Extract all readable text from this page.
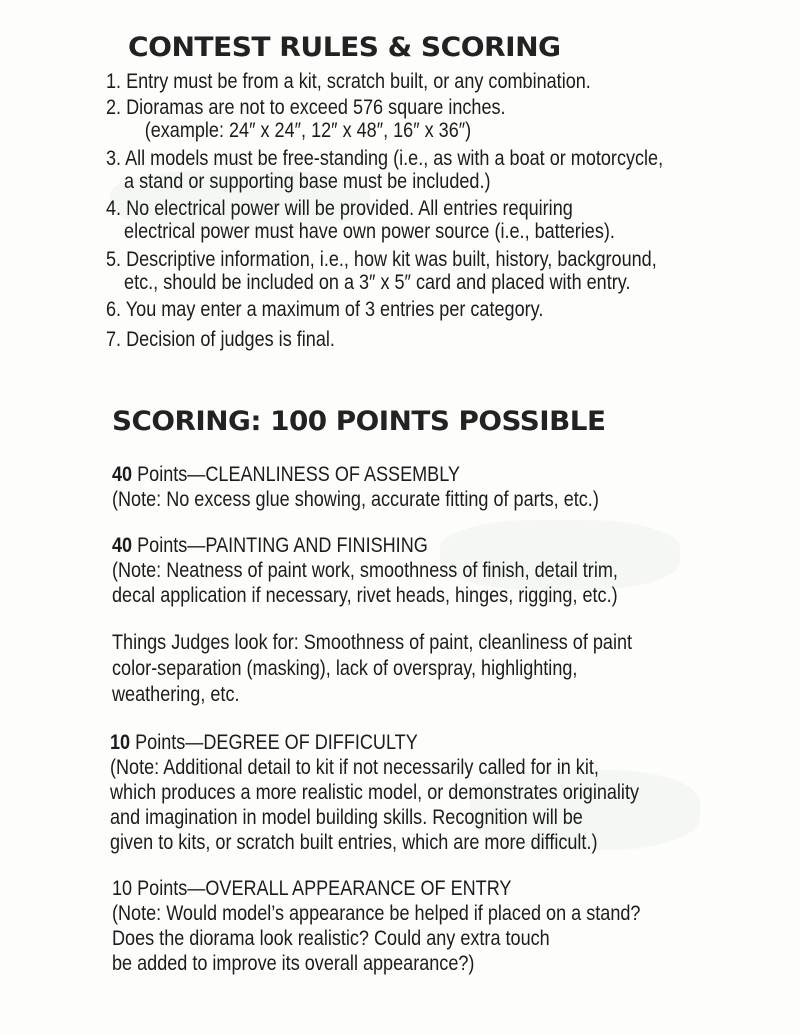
CONTEST RULES & SCORING
1. Entry must be from a kit, scratch built, or any combination.
2. Dioramas are not to exceed 576 square inches.
(example: 24″ x 24″, 12″ x 48″, 16″ x 36″)
3. All models must be free-standing (i.e., as with a boat or motorcycle,
a stand or supporting base must be included.)
4. No electrical power will be provided. All entries requiring
electrical power must have own power source (i.e., batteries).
5. Descriptive information, i.e., how kit was built, history, background,
etc., should be included on a 3″ x 5″ card and placed with entry.
6. You may enter a maximum of 3 entries per category.
7. Decision of judges is final.
SCORING: 100 POINTS POSSIBLE
40 Points—CLEANLINESS OF ASSEMBLY
(Note: No excess glue showing, accurate fitting of parts, etc.)
40 Points—PAINTING AND FINISHING
(Note: Neatness of paint work, smoothness of finish, detail trim,
decal application if necessary, rivet heads, hinges, rigging, etc.)
Things Judges look for: Smoothness of paint, cleanliness of paint
color-separation (masking), lack of overspray, highlighting,
weathering, etc.
10 Points—DEGREE OF DIFFICULTY
(Note: Additional detail to kit if not necessarily called for in kit,
which produces a more realistic model, or demonstrates originality
and imagination in model building skills. Recognition will be
given to kits, or scratch built entries, which are more difficult.)
10 Points—OVERALL APPEARANCE OF ENTRY
(Note: Would model’s appearance be helped if placed on a stand?
Does the diorama look realistic? Could any extra touch
be added to improve its overall appearance?)
